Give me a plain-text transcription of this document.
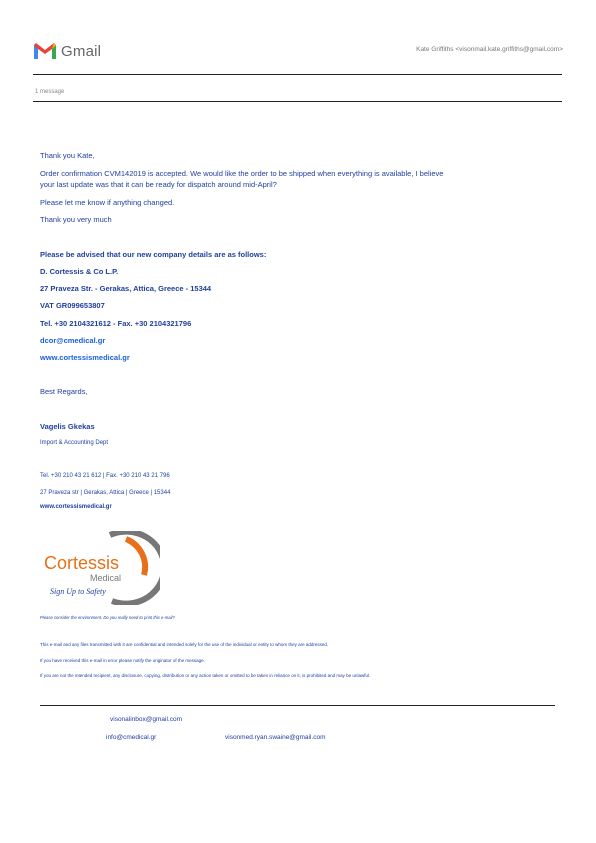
Gmail	Kate Griffiths <visonmail.kate.griffiths@gmail.com>
1 message
Thank you Kate,
Order confirmation CVM142019 is accepted. We would like the order to be shipped when everything is available, I believe
your last update was that it can be ready for dispatch around mid-April?
Please let me know if anything changed.
Thank you very much
Please be advised that our new company details are as follows:
D. Cortessis & Co L.P.
27 Praveza Str. - Gerakas, Attica, Greece - 15344
VAT GR099653807
Tel. +30 2104321612 - Fax. +30 2104321796
dcor@cmedical.gr
www.cortessismedical.gr
Best Regards,
Vagelis Gkekas
Import & Accounting Dept
Tel. +30 210 43 21 612 | Fax. +30 210 43 21 796
27 Praveza str | Gerakas, Attica | Greece | 15344
www.cortessismedical.gr
Cortessis
Medical
Sign Up to Safety
Please consider the environment. Do you really need to print this e-mail?
This e-mail and any files transmitted with it are confidential and intended solely for the use of the individual or entity to whom they are addressed.
If you have received this e-mail in error please notify the originator of the message.
If you are not the intended recipient, any disclosure, copying, distribution or any action taken or omitted to be taken in reliance on it, is prohibited and may be unlawful.
visonalinbox@gmail.com
info@cmedical.gr	visonmed.ryan.swaine@gmail.com
